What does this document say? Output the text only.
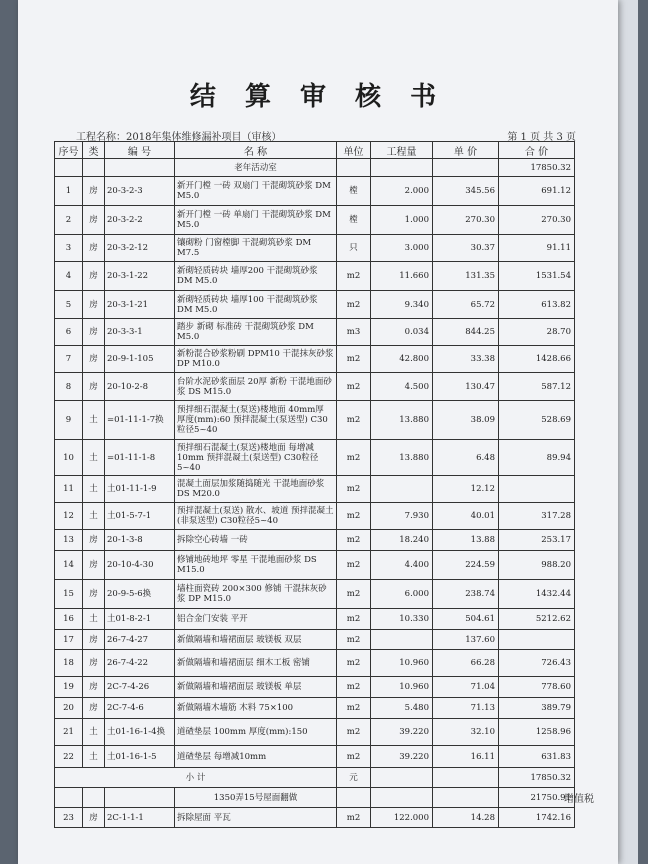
结 算 审 核 书
工程名称：2018年集体维修漏补项目（审核）	第 1 页 共 3 页
增值税
序号	类	编 号	名 称	单位	工程量	单 价	合 价
			老年活动室				17850.32
1	房	20-3-2-3	新开门樘 一砖 双扇门 干混砌筑砂浆 DM M5.0	樘	2.000	345.56	691.12
2	房	20-3-2-2	新开门樘 一砖 单扇门 干混砌筑砂浆 DM M5.0	樘	1.000	270.30	270.30
3	房	20-3-2-12	镶砌粉 门窗樘脚 干混砌筑砂浆 DM M7.5	只	3.000	30.37	91.11
4	房	20-3-1-22	新砌轻质砖块 墙厚200 干混砌筑砂浆 DM M5.0	m2	11.660	131.35	1531.54
5	房	20-3-1-21	新砌轻质砖块 墙厚100 干混砌筑砂浆 DM M5.0	m2	9.340	65.72	613.82
6	房	20-3-3-1	踏步 新砌 标准砖 干混砌筑砂浆 DM M5.0	m3	0.034	844.25	28.70
7	房	20-9-1-105	新粉混合砂浆粉刷 DPM10 干混抹灰砂浆 DP M10.0	m2	42.800	33.38	1428.66
8	房	20-10-2-8	台阶水泥砂浆面层 20厚 新粉 干混地面砂浆 DS M15.0	m2	4.500	130.47	587.12
9	土	=01-11-1-7换	预拌细石混凝土(泵送)楼地面 40mm厚 厚度(mm):60 预拌混凝土(泵送型) C30粒径5~40	m2	13.880	38.09	528.69
10	土	=01-11-1-8	预拌细石混凝土(泵送)楼地面 每增减10mm 预拌混凝土(泵送型) C30粒径5~40	m2	13.880	6.48	89.94
11	土	土01-11-1-9	混凝土面层加浆随捣随光 干混地面砂浆 DS M20.0	m2		12.12	
12	土	土01-5-7-1	预拌混凝土(泵送) 散水、坡道 预拌混凝土(非泵送型) C30粒径5~40	m2	7.930	40.01	317.28
13	房	20-1-3-8	拆除空心砖墙 一砖	m2	18.240	13.88	253.17
14	房	20-10-4-30	修铺地砖地坪 零星 干混地面砂浆 DS M15.0	m2	4.400	224.59	988.20
15	房	20-9-5-6换	墙柱面瓷砖 200×300 修铺 干混抹灰砂浆 DP M15.0	m2	6.000	238.74	1432.44
16	土	土01-8-2-1	铝合金门安装 平开	m2	10.330	504.61	5212.62
17	房	26-7-4-27	新做隔墙和墙裙面层 玻镁板 双层	m2		137.60	
18	房	26-7-4-22	新做隔墙和墙裙面层 细木工板 密铺	m2	10.960	66.28	726.43
19	房	2C-7-4-26	新做隔墙和墙裙面层 玻镁板 单层	m2	10.960	71.04	778.60
20	房	2C-7-4-6	新做隔墙木墙筋 木料 75×100	m2	5.480	71.13	389.79
21	土	土01-16-1-4换	道碴垫层 100mm 厚度(mm):150	m2	39.220	32.10	1258.96
22	土	土01-16-1-5	道碴垫层 每增减10mm	m2	39.220	16.11	631.83
小 计				元			17850.32
			1350弄15号屋面翻做				21750.91
23	房	2C-1-1-1	拆除屋面 平瓦	m2	122.000	14.28	1742.16
